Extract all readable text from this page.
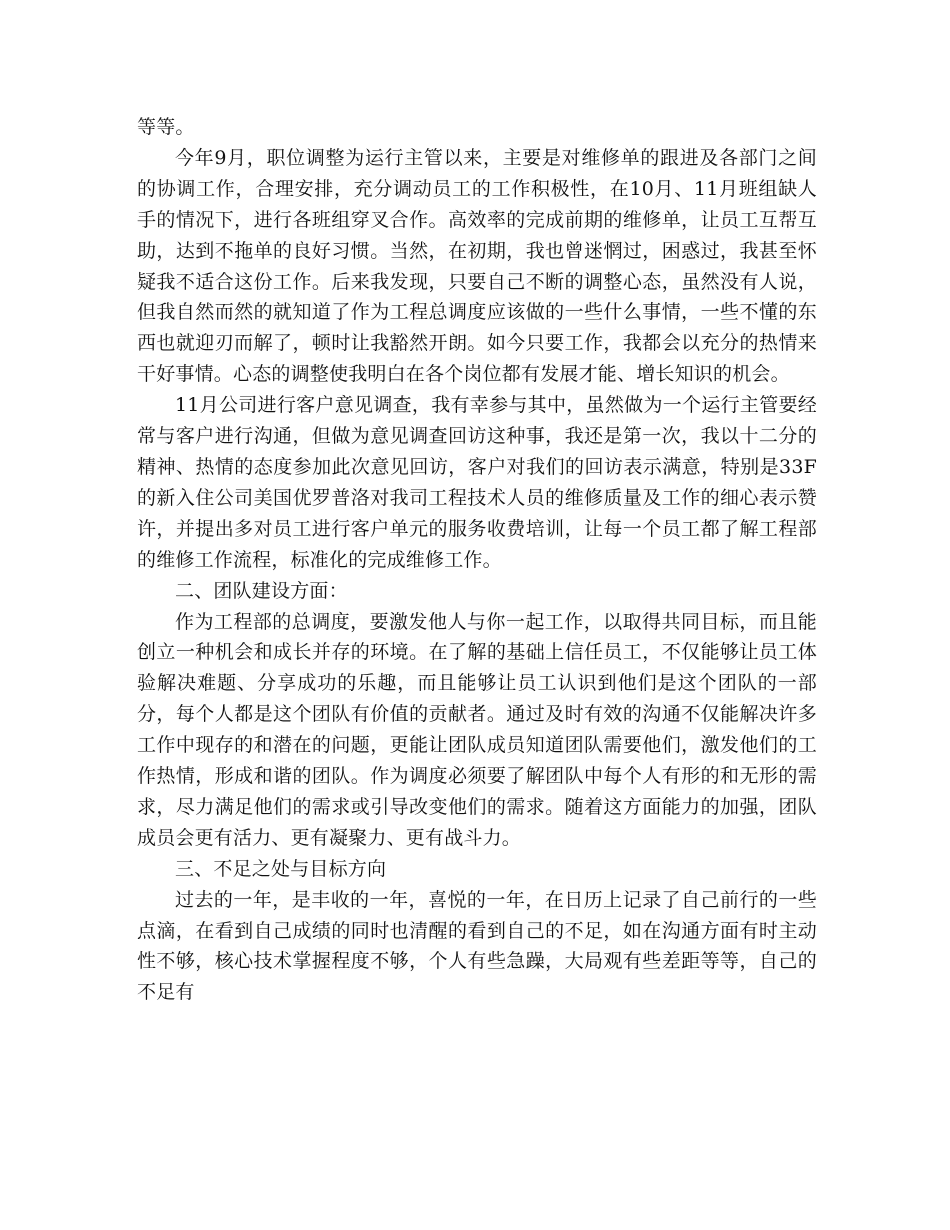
等等。

今年9月，职位调整为运行主管以来，主要是对维修单的跟进及各部门之间的协调工作，合理安排，充分调动员工的工作积极性，在10月、11月班组缺人手的情况下，进行各班组穿叉合作。高效率的完成前期的维修单，让员工互帮互助，达到不拖单的良好习惯。当然，在初期，我也曾迷惘过，困惑过，我甚至怀疑我不适合这份工作。后来我发现，只要自己不断的调整心态，虽然没有人说，但我自然而然的就知道了作为工程总调度应该做的一些什么事情，一些不懂的东西也就迎刃而解了，顿时让我豁然开朗。如今只要工作，我都会以充分的热情来干好事情。心态的调整使我明白在各个岗位都有发展才能、增长知识的机会。

11月公司进行客户意见调查，我有幸参与其中，虽然做为一个运行主管要经常与客户进行沟通，但做为意见调查回访这种事，我还是第一次，我以十二分的精神、热情的态度参加此次意见回访，客户对我们的回访表示满意，特别是33F的新入住公司美国优罗普洛对我司工程技术人员的维修质量及工作的细心表示赞许，并提出多对员工进行客户单元的服务收费培训，让每一个员工都了解工程部的维修工作流程，标准化的完成维修工作。

二、团队建设方面：

作为工程部的总调度，要激发他人与你一起工作，以取得共同目标，而且能创立一种机会和成长并存的环境。在了解的基础上信任员工，不仅能够让员工体验解决难题、分享成功的乐趣，而且能够让员工认识到他们是这个团队的一部分，每个人都是这个团队有价值的贡献者。通过及时有效的沟通不仅能解决许多工作中现存的和潜在的问题，更能让团队成员知道团队需要他们，激发他们的工作热情，形成和谐的团队。作为调度必须要了解团队中每个人有形的和无形的需求，尽力满足他们的需求或引导改变他们的需求。随着这方面能力的加强，团队成员会更有活力、更有凝聚力、更有战斗力。

三、不足之处与目标方向

过去的一年，是丰收的一年，喜悦的一年，在日历上记录了自己前行的一些点滴，在看到自己成绩的同时也清醒的看到自己的不足，如在沟通方面有时主动性不够，核心技术掌握程度不够，个人有些急躁，大局观有些差距等等，自己的不足有
